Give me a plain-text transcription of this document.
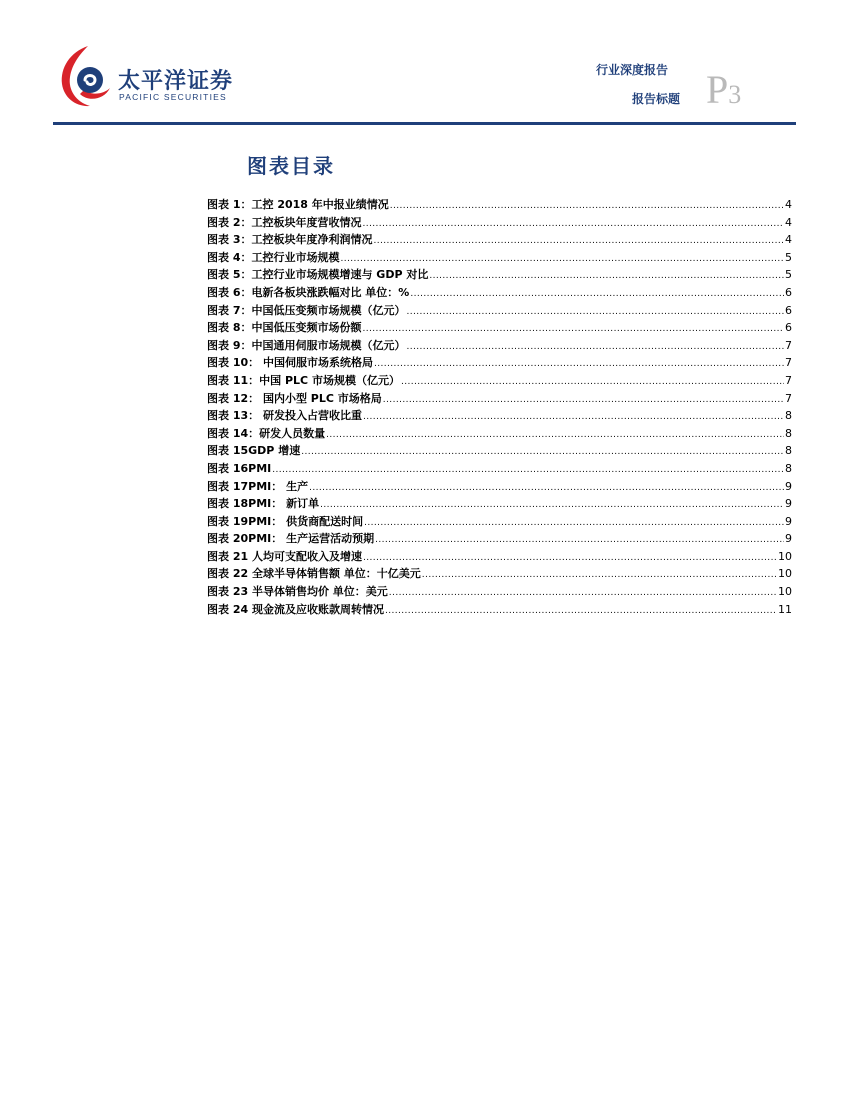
太平洋证券
PACIFIC SECURITIES
行业深度报告
报告标题 P3
图表目录
图表 1：工控 2018 年中报业绩情况 .....	4
图表 2：工控板块年度营收情况 .....	4
图表 3：工控板块年度净利润情况 .....	4
图表 4：工控行业市场规模 .....	5
图表 5：工控行业市场规模增速与 GDP 对比 .....	5
图表 6：电新各板块涨跌幅对比 单位：% .....	6
图表 7：中国低压变频市场规模（亿元） .....	6
图表 8：中国低压变频市场份额 .....	6
图表 9：中国通用伺服市场规模（亿元） .....	7
图表 10： 中国伺服市场系统格局 .....	7
图表 11：中国 PLC 市场规模（亿元） .....	7
图表 12： 国内小型 PLC 市场格局 .....	7
图表 13： 研发投入占营收比重 .....	8
图表 14：研发人员数量 .....	8
图表 15GDP 增速 .....	8
图表 16PMI .....	8
图表 17PMI： 生产 .....	9
图表 18PMI： 新订单 .....	9
图表 19PMI： 供货商配送时间 .....	9
图表 20PMI： 生产运营活动预期 .....	9
图表 21 人均可支配收入及增速 .....	10
图表 22 全球半导体销售额 单位：十亿美元 .....	10
图表 23 半导体销售均价 单位：美元 .....	10
图表 24 现金流及应收账款周转情况 .....	11
